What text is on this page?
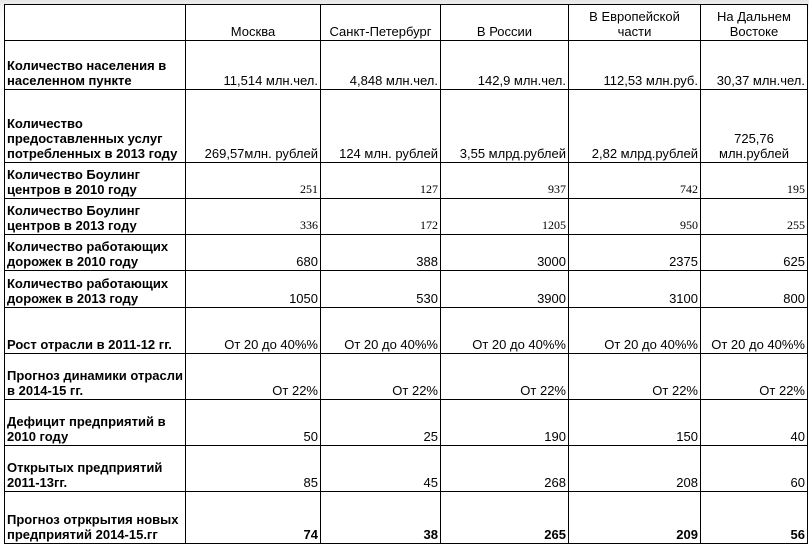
	Москва	Санкт-Петербург	В России	В Европейской части	На Дальнем Востоке
Количество населения в населенном пункте	11,514 млн.чел.	4,848 млн.чел.	142,9 млн.чел.	112,53 млн.руб.	30,37 млн.чел.
Количество предоставленных услуг потребленных в 2013 году	269,57млн. рублей	124 млн. рублей	3,55 млрд.рублей	2,82 млрд.рублей	725,76 млн.рублей
Количество Боулинг центров в 2010 году	251	127	937	742	195
Количество Боулинг центров в 2013 году	336	172	1205	950	255
Количество работающих дорожек в 2010 году	680	388	3000	2375	625
Количество работающих дорожек в 2013 году	1050	530	3900	3100	800
Рост отрасли в 2011-12 гг.	От 20 до 40%%	От 20 до 40%%	От 20 до 40%%	От 20 до 40%%	От 20 до 40%%
Прогноз динамики отрасли в 2014-15 гг.	От 22%	От 22%	От 22%	От 22%	От 22%
Дефицит предприятий в 2010 году	50	25	190	150	40
Открытых предприятий 2011-13гг.	85	45	268	208	60
Прогноз отркрытия новых предприятий 2014-15.гг	74	38	265	209	56
